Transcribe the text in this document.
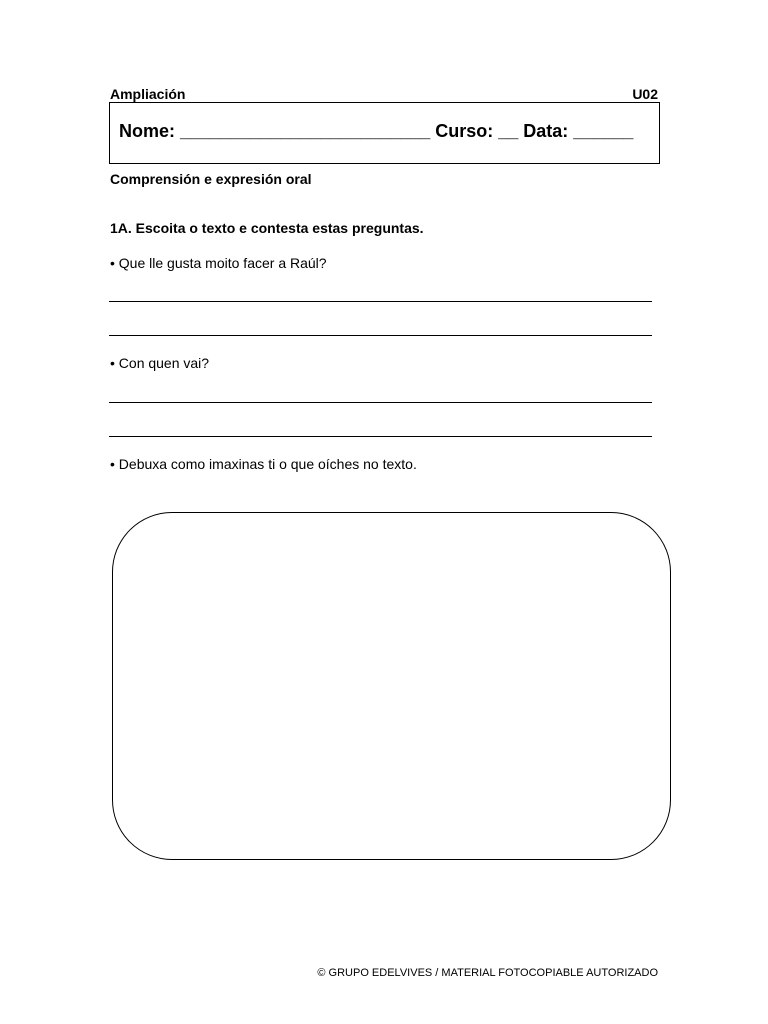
Ampliación	U02
Nome: _________________________ Curso: __ Data: ______
Comprensión e expresión oral
1A. Escoita o texto e contesta estas preguntas.
• Que lle gusta moito facer a Raúl?
• Con quen vai?
• Debuxa como imaxinas ti o que oíches no texto.
© GRUPO EDELVIVES / MATERIAL FOTOCOPIABLE AUTORIZADO
